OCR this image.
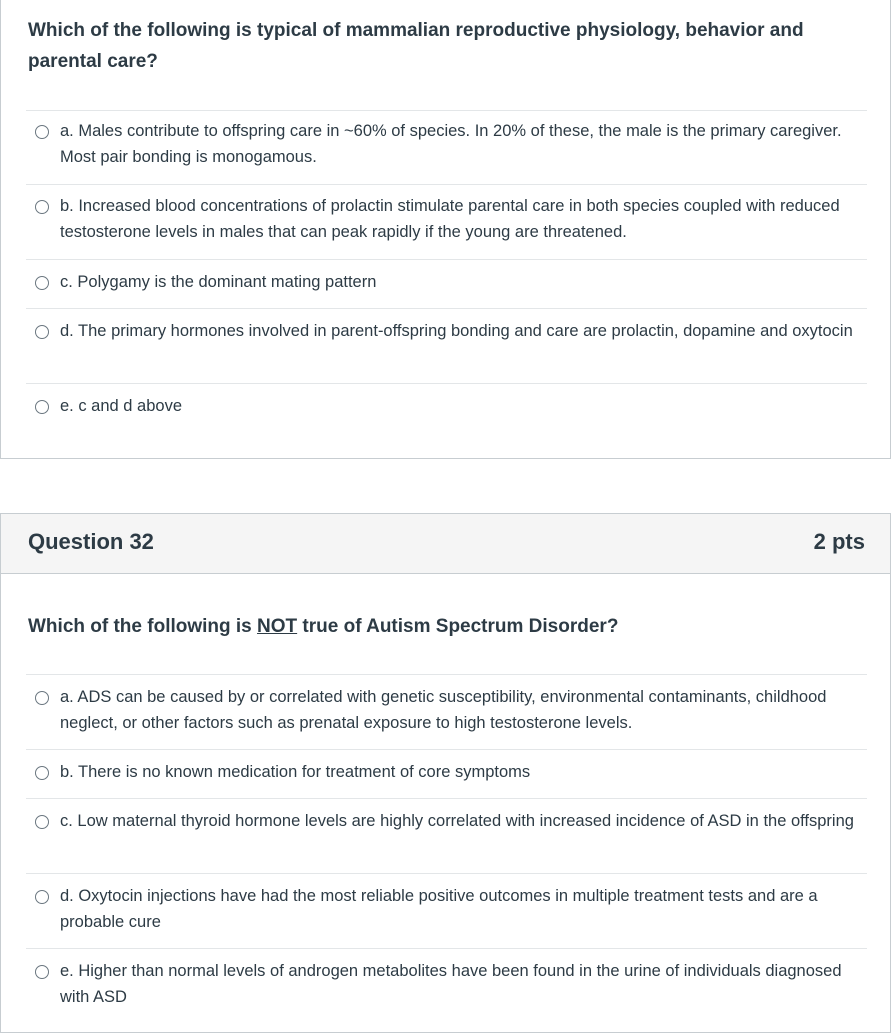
Which of the following is typical of mammalian reproductive physiology, behavior and parental care?
a. Males contribute to offspring care in ~60% of species. In 20% of these, the male is the primary caregiver. Most pair bonding is monogamous.
b. Increased blood concentrations of prolactin stimulate parental care in both species coupled with reduced testosterone levels in males that can peak rapidly if the young are threatened.
c. Polygamy is the dominant mating pattern
d. The primary hormones involved in parent-offspring bonding and care are prolactin, dopamine and oxytocin
e. c and d above
Question 32	2 pts
Which of the following is NOT true of Autism Spectrum Disorder?
a. ADS can be caused by or correlated with genetic susceptibility, environmental contaminants, childhood neglect, or other factors such as prenatal exposure to high testosterone levels.
b. There is no known medication for treatment of core symptoms
c. Low maternal thyroid hormone levels are highly correlated with increased incidence of ASD in the offspring
d. Oxytocin injections have had the most reliable positive outcomes in multiple treatment tests and are a probable cure
e. Higher than normal levels of androgen metabolites have been found in the urine of individuals diagnosed with ASD
